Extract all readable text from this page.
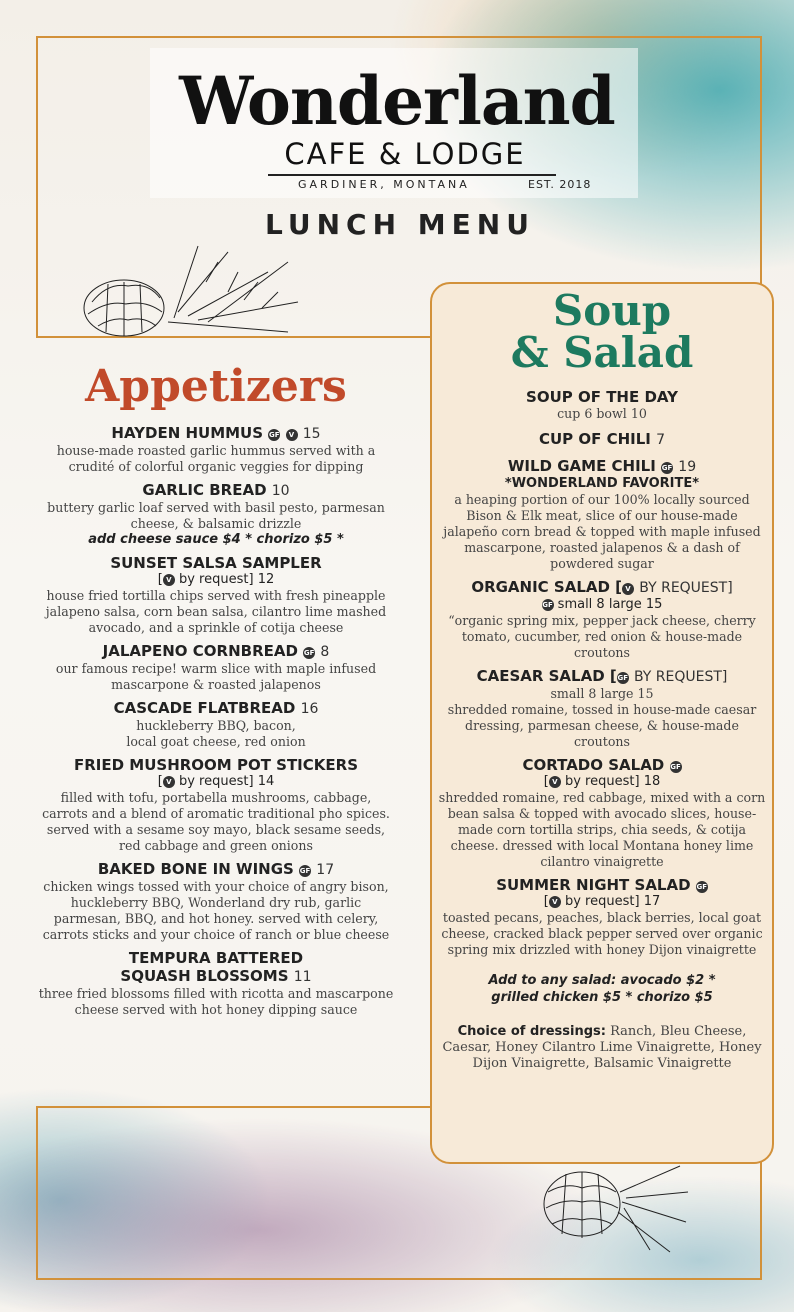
Wonderland
CAFE & LODGE
GARDINER, MONTANA	EST. 2018
LUNCH MENU
Appetizers
HAYDEN HUMMUS GF V 15
house-made roasted garlic hummus served with a crudité of colorful organic veggies for dipping
GARLIC BREAD 10
buttery garlic loaf served with basil pesto, parmesan cheese, & balsamic drizzle
add cheese sauce $4 * chorizo $5 *
SUNSET SALSA SAMPLER
[ V by request] 12
house fried tortilla chips served with fresh pineapple jalapeno salsa, corn bean salsa, cilantro lime mashed avocado, and a sprinkle of cotija cheese
JALAPENO CORNBREAD GF 8
our famous recipe! warm slice with maple infused mascarpone & roasted jalapenos
CASCADE FLATBREAD 16
huckleberry BBQ, bacon, local goat cheese, red onion
FRIED MUSHROOM POT STICKERS
[ V by request] 14
filled with tofu, portabella mushrooms, cabbage, carrots and a blend of aromatic traditional pho spices. served with a sesame soy mayo, black sesame seeds, red cabbage and green onions
BAKED BONE IN WINGS GF 17
chicken wings tossed with your choice of angry bison, huckleberry BBQ, Wonderland dry rub, garlic parmesan, BBQ, and hot honey. served with celery, carrots sticks and your choice of ranch or blue cheese
TEMPURA BATTERED
SQUASH BLOSSOMS 11
three fried blossoms filled with ricotta and mascarpone cheese served with hot honey dipping sauce
Soup
& Salad
SOUP OF THE DAY
cup 6 bowl 10
CUP OF CHILI 7
WILD GAME CHILI GF 19
*WONDERLAND FAVORITE*
a heaping portion of our 100% locally sourced Bison & Elk meat, slice of our house-made jalapeño corn bread & topped with maple infused mascarpone, roasted jalapenos & a dash of powdered sugar
ORGANIC SALAD [ V BY REQUEST]
GF small 8 large 15
“organic spring mix, pepper jack cheese, cherry tomato, cucumber, red onion & house-made croutons
CAESAR SALAD [GF BY REQUEST]
small 8 large 15
shredded romaine, tossed in house-made caesar dressing, parmesan cheese, & house-made croutons
CORTADO SALAD GF
[ V by request] 18
shredded romaine, red cabbage, mixed with a corn bean salsa & topped with avocado slices, house-made corn tortilla strips, chia seeds, & cotija cheese. dressed with local Montana honey lime cilantro vinaigrette
SUMMER NIGHT SALAD GF
[ V by request] 17
toasted pecans, peaches, black berries, local goat cheese, cracked black pepper served over organic spring mix drizzled with honey Dijon vinaigrette
Add to any salad: avocado $2 *
grilled chicken $5 * chorizo $5
Choice of dressings: Ranch, Bleu Cheese, Caesar, Honey Cilantro Lime Vinaigrette, Honey Dijon Vinaigrette, Balsamic Vinaigrette
